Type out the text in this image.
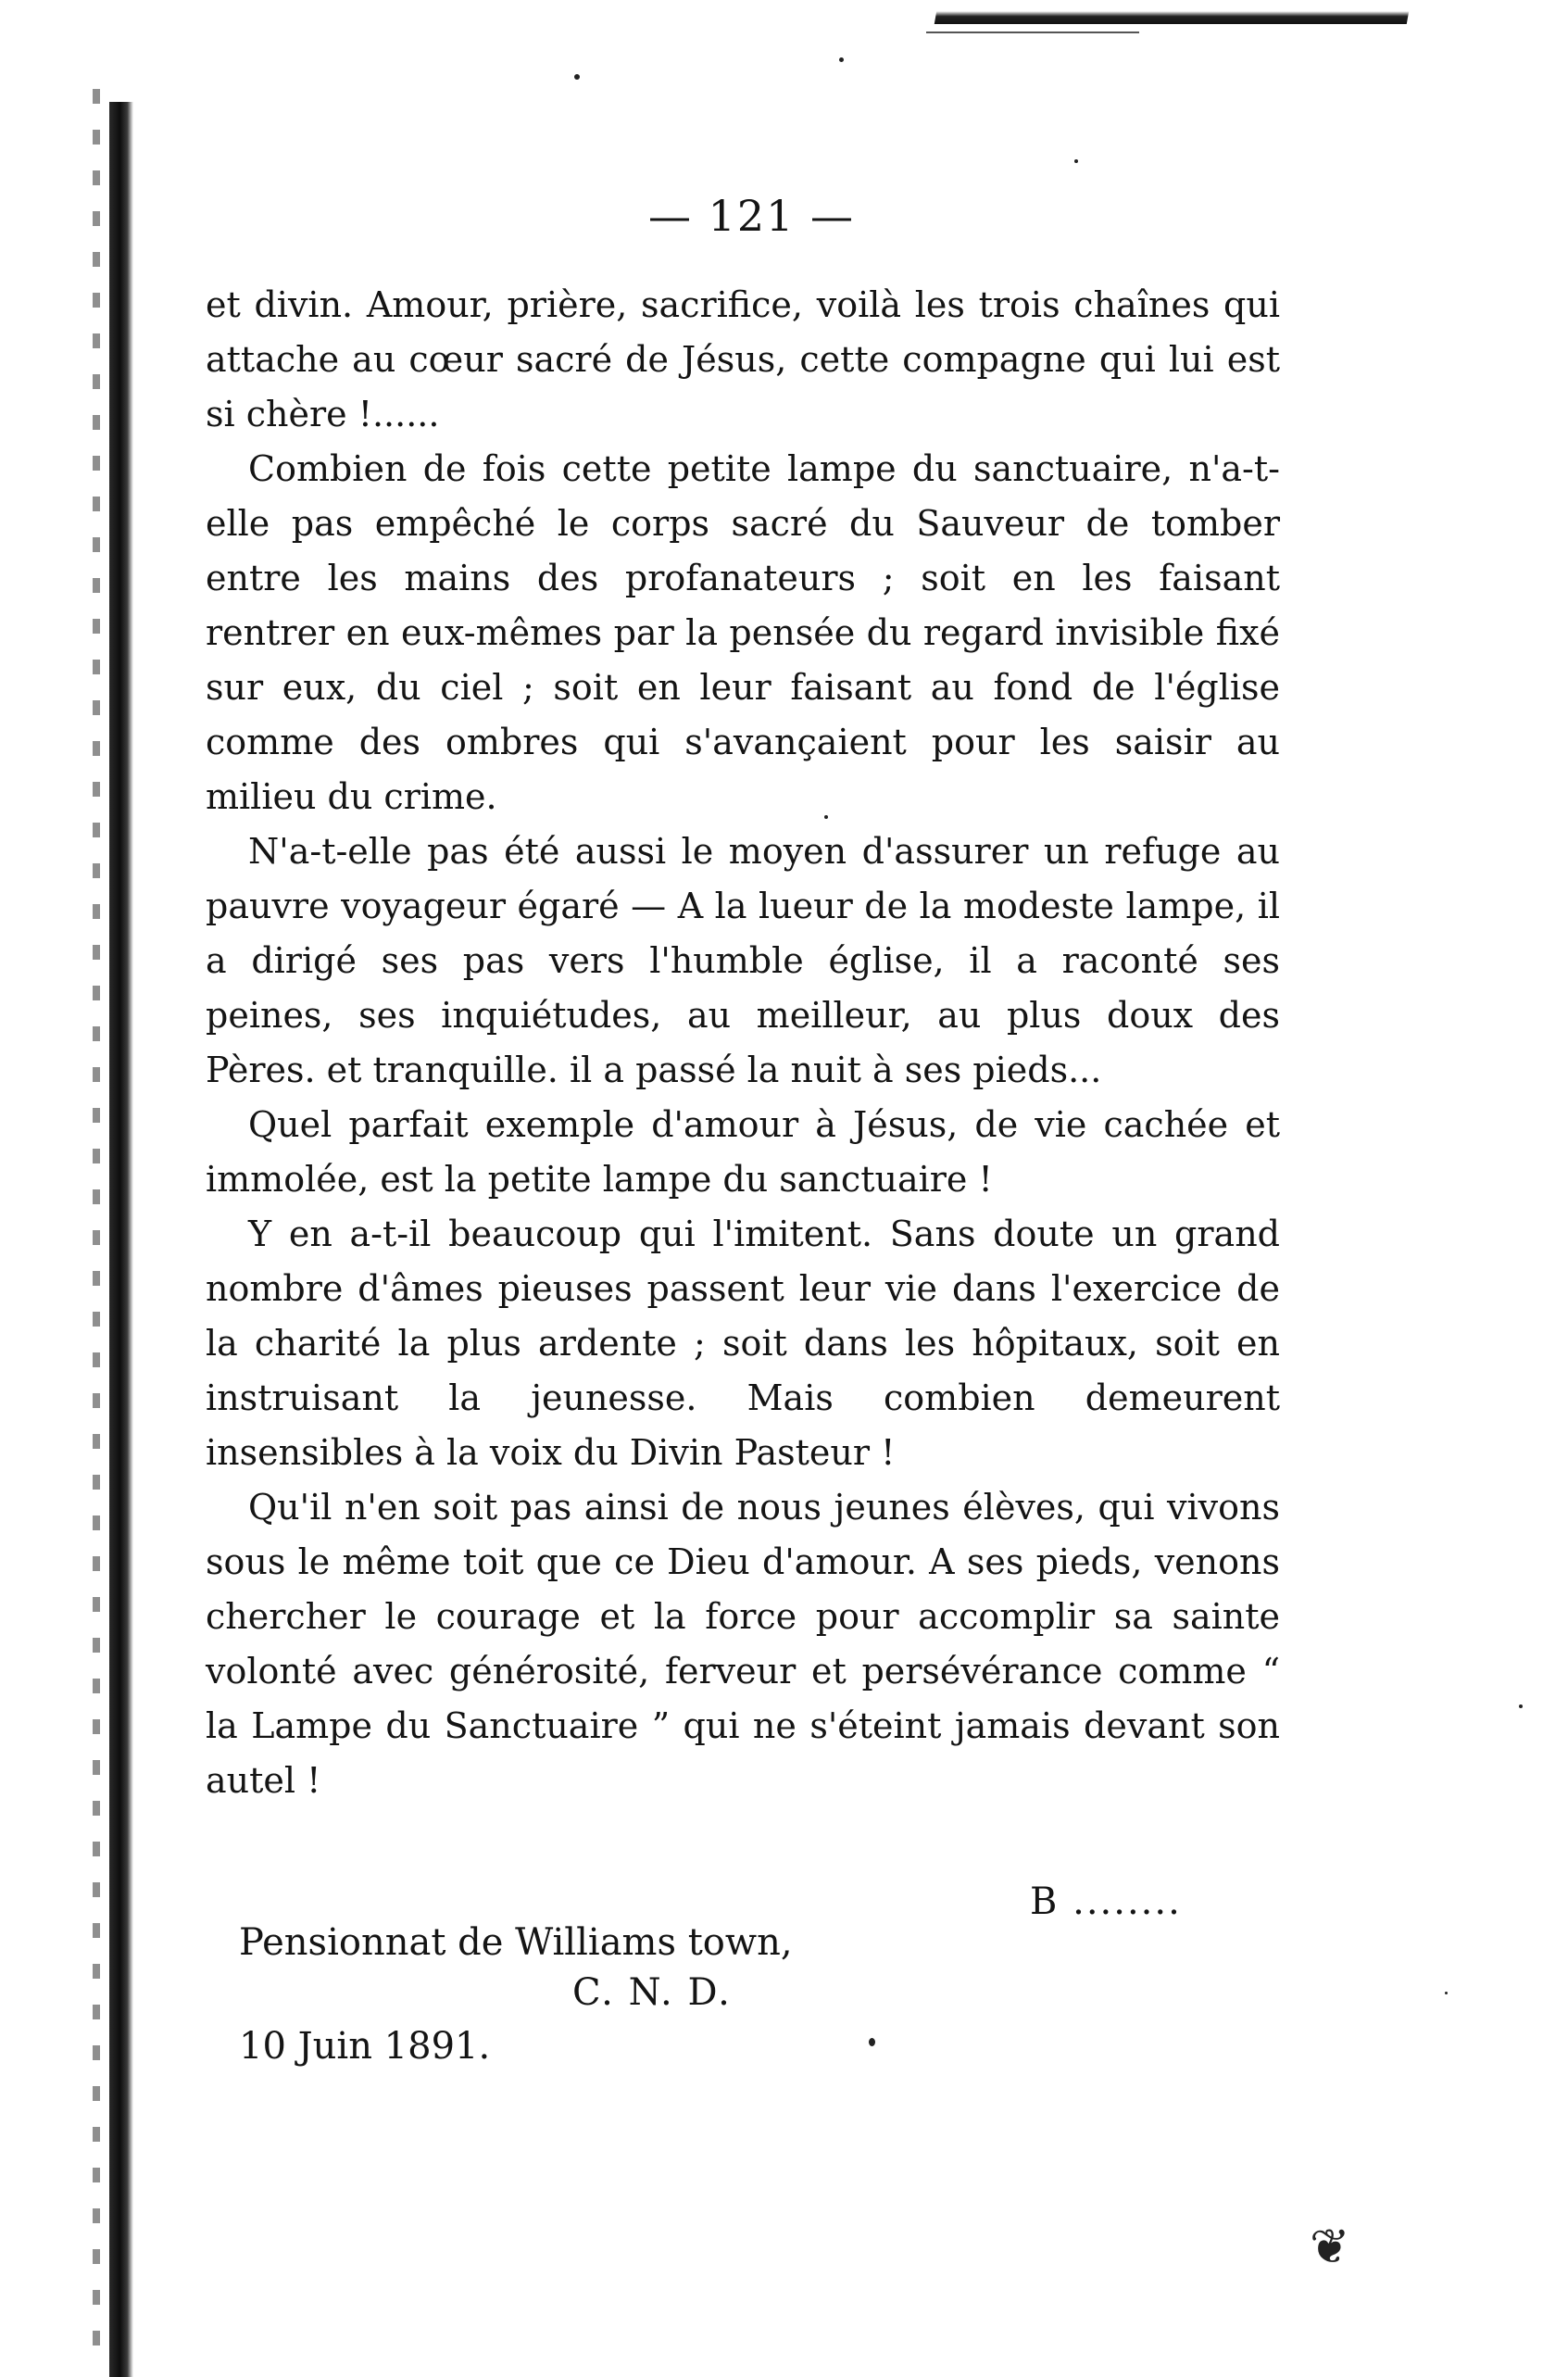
— 121 —

et divin. Amour, prière, sacrifice, voilà les trois chaînes qui attache au cœur sacré de Jésus, cette compagne qui lui est si chère !......

Combien de fois cette petite lampe du sanctuaire, n'a-t-elle pas empêché le corps sacré du Sauveur de tomber entre les mains des profanateurs ; soit en les faisant rentrer en eux-mêmes par la pensée du regard invisible fixé sur eux, du ciel ; soit en leur faisant au fond de l'église comme des ombres qui s'avançaient pour les saisir au milieu du crime.

N'a-t-elle pas été aussi le moyen d'assurer un refuge au pauvre voyageur égaré — A la lueur de la modeste lampe, il a dirigé ses pas vers l'humble église, il a raconté ses peines, ses inquiétudes, au meilleur, au plus doux des Pères. et tranquille. il a passé la nuit à ses pieds...

Quel parfait exemple d'amour à Jésus, de vie cachée et immolée, est la petite lampe du sanctuaire !

Y en a-t-il beaucoup qui l'imitent. Sans doute un grand nombre d'âmes pieuses passent leur vie dans l'exercice de la charité la plus ardente ; soit dans les hôpitaux, soit en instruisant la jeunesse. Mais combien demeurent insensibles à la voix du Divin Pasteur !

Qu'il n'en soit pas ainsi de nous jeunes élèves, qui vivons sous le même toit que ce Dieu d'amour. A ses pieds, venons chercher le courage et la force pour accomplir sa sainte volonté avec générosité, ferveur et persévérance comme “ la Lampe du Sanctuaire ” qui ne s'éteint jamais devant son autel !

B ........
Pensionnat de Williams town,
C. N. D.
10 Juin 1891.
❦
